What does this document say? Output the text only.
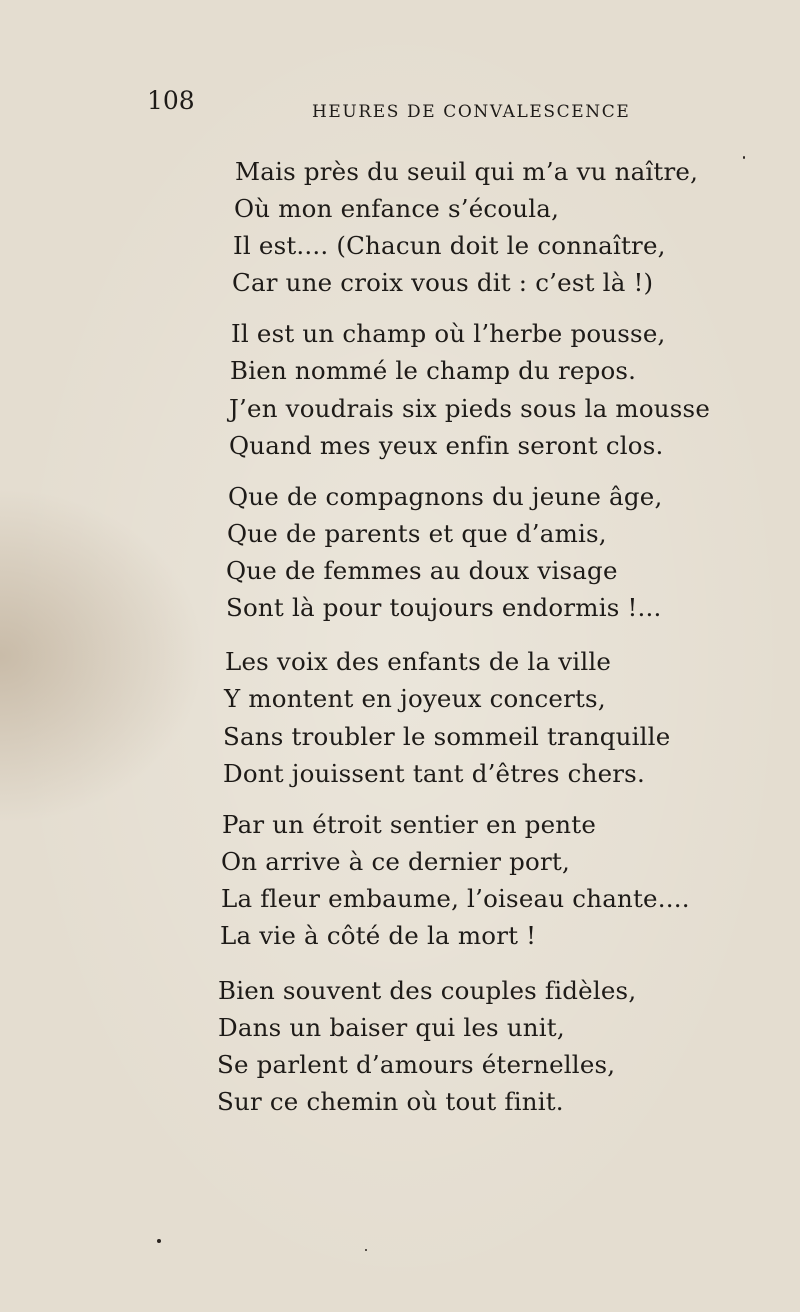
108	HEURES DE CONVALESCENCE
Mais près du seuil qui m’a vu naître,
Où mon enfance s’écoula,
Il est.... (Chacun doit le connaître,
Car une croix vous dit : c’est là !)
Il est un champ où l’herbe pousse,
Bien nommé le champ du repos.
J’en voudrais six pieds sous la mousse
Quand mes yeux enfin seront clos.
Que de compagnons du jeune âge,
Que de parents et que d’amis,
Que de femmes au doux visage
Sont là pour toujours endormis !...
Les voix des enfants de la ville
Y montent en joyeux concerts,
Sans troubler le sommeil tranquille
Dont jouissent tant d’êtres chers.
Par un étroit sentier en pente
On arrive à ce dernier port,
La fleur embaume, l’oiseau chante....
La vie à côté de la mort !
Bien souvent des couples fidèles,
Dans un baiser qui les unit,
Se parlent d’amours éternelles,
Sur ce chemin où tout finit.
